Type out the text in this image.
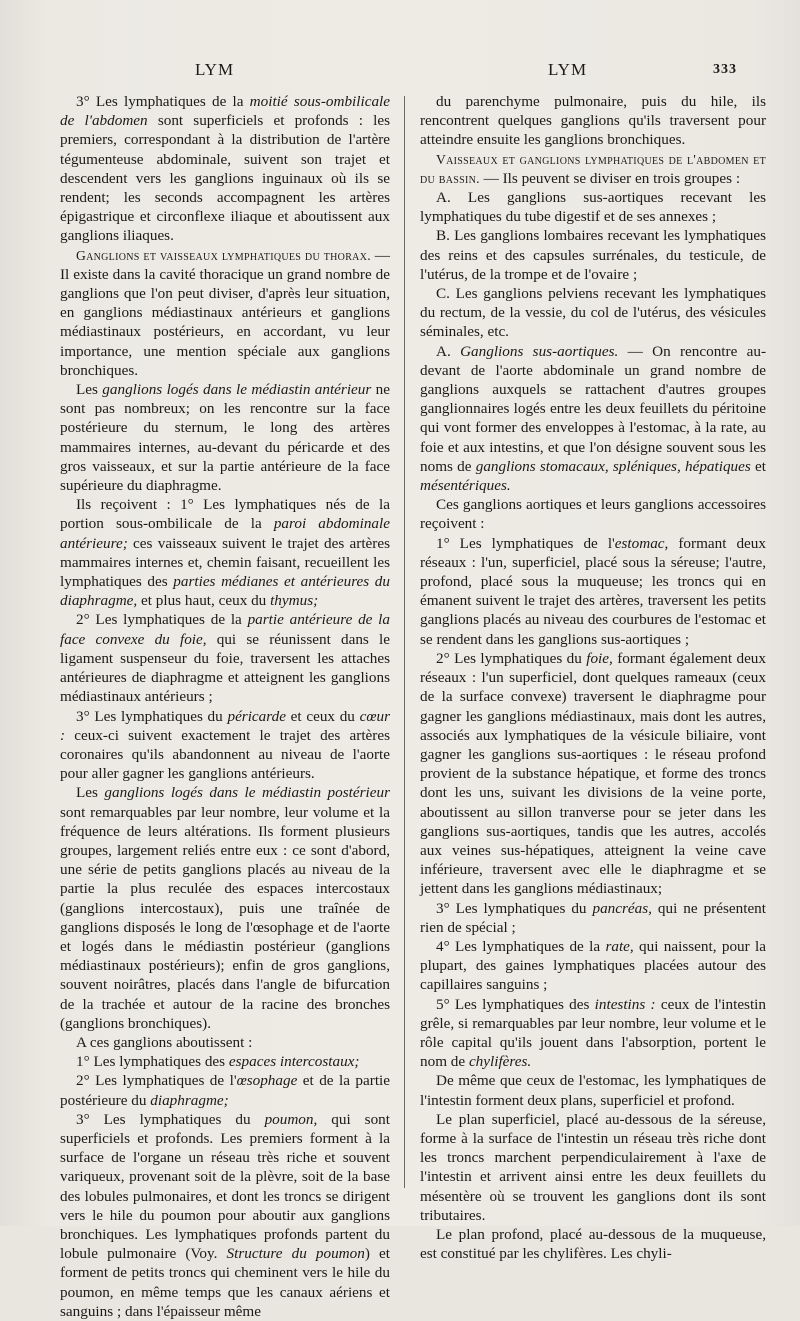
LYM	LYM	333

3° Les lymphatiques de la moitié sous-ombilicale de l'abdomen sont superficiels et profonds : les premiers, correspondant à la distribution de l'artère tégumenteuse abdominale, suivent son trajet et descendent vers les ganglions inguinaux où ils se rendent; les seconds accompagnent les artères épigastrique et circonflexe iliaque et aboutissent aux ganglions iliaques.

Ganglions et vaisseaux lymphatiques du thorax. — Il existe dans la cavité thoracique un grand nombre de ganglions que l'on peut diviser, d'après leur situation, en ganglions médiastinaux antérieurs et ganglions médiastinaux postérieurs, en accordant, vu leur importance, une mention spéciale aux ganglions bronchiques.

Les ganglions logés dans le médiastin antérieur ne sont pas nombreux; on les rencontre sur la face postérieure du sternum, le long des artères mammaires internes, au-devant du péricarde et des gros vaisseaux, et sur la partie antérieure de la face supérieure du diaphragme.

Ils reçoivent : 1° Les lymphatiques nés de la portion sous-ombilicale de la paroi abdominale antérieure; ces vaisseaux suivent le trajet des artères mammaires internes et, chemin faisant, recueillent les lymphatiques des parties médianes et antérieures du diaphragme, et plus haut, ceux du thymus;

2° Les lymphatiques de la partie antérieure de la face convexe du foie, qui se réunissent dans le ligament suspenseur du foie, traversent les attaches antérieures de diaphragme et atteignent les ganglions médiastinaux antérieurs ;

3° Les lymphatiques du péricarde et ceux du cœur : ceux-ci suivent exactement le trajet des artères coronaires qu'ils abandonnent au niveau de l'aorte pour aller gagner les ganglions antérieurs.

Les ganglions logés dans le médiastin postérieur sont remarquables par leur nombre, leur volume et la fréquence de leurs altérations. Ils forment plusieurs groupes, largement reliés entre eux : ce sont d'abord, une série de petits ganglions placés au niveau de la partie la plus reculée des espaces intercostaux (ganglions intercostaux), puis une traînée de ganglions disposés le long de l'œsophage et de l'aorte et logés dans le médiastin postérieur (ganglions médiastinaux postérieurs); enfin de gros ganglions, souvent noirâtres, placés dans l'angle de bifurcation de la trachée et autour de la racine des bronches (ganglions bronchiques).

A ces ganglions aboutissent :

1° Les lymphatiques des espaces intercostaux;

2° Les lymphatiques de l'œsophage et de la partie postérieure du diaphragme;

3° Les lymphatiques du poumon, qui sont superficiels et profonds. Les premiers forment à la surface de l'organe un réseau très riche et souvent variqueux, provenant soit de la plèvre, soit de la base des lobules pulmonaires, et dont les troncs se dirigent vers le hile du poumon pour aboutir aux ganglions bronchiques. Les lymphatiques profonds partent du lobule pulmonaire (Voy. Structure du poumon) et forment de petits troncs qui cheminent vers le hile du poumon, en même temps que les canaux aériens et sanguins ; dans l'épaisseur même

du parenchyme pulmonaire, puis du hile, ils rencontrent quelques ganglions qu'ils traversent pour atteindre ensuite les ganglions bronchiques.

Vaisseaux et ganglions lymphatiques de l'abdomen et du bassin. — Ils peuvent se diviser en trois groupes :

A. Les ganglions sus-aortiques recevant les lymphatiques du tube digestif et de ses annexes ;

B. Les ganglions lombaires recevant les lymphatiques des reins et des capsules surrénales, du testicule, de l'utérus, de la trompe et de l'ovaire ;

C. Les ganglions pelviens recevant les lymphatiques du rectum, de la vessie, du col de l'utérus, des vésicules séminales, etc.

A. Ganglions sus-aortiques. — On rencontre au-devant de l'aorte abdominale un grand nombre de ganglions auxquels se rattachent d'autres groupes ganglionnaires logés entre les deux feuillets du péritoine qui vont former des enveloppes à l'estomac, à la rate, au foie et aux intestins, et que l'on désigne souvent sous les noms de ganglions stomacaux, spléniques, hépatiques et mésentériques.

Ces ganglions aortiques et leurs ganglions accessoires reçoivent :

1° Les lymphatiques de l'estomac, formant deux réseaux : l'un, superficiel, placé sous la séreuse; l'autre, profond, placé sous la muqueuse; les troncs qui en émanent suivent le trajet des artères, traversent les petits ganglions placés au niveau des courbures de l'estomac et se rendent dans les ganglions sus-aortiques ;

2° Les lymphatiques du foie, formant également deux réseaux : l'un superficiel, dont quelques rameaux (ceux de la surface convexe) traversent le diaphragme pour gagner les ganglions médiastinaux, mais dont les autres, associés aux lymphatiques de la vésicule biliaire, vont gagner les ganglions sus-aortiques : le réseau profond provient de la substance hépatique, et forme des troncs dont les uns, suivant les divisions de la veine porte, aboutissent au sillon tranverse pour se jeter dans les ganglions sus-aortiques, tandis que les autres, accolés aux veines sus-hépatiques, atteignent la veine cave inférieure, traversent avec elle le diaphragme et se jettent dans les ganglions médiastinaux;

3° Les lymphatiques du pancréas, qui ne présentent rien de spécial ;

4° Les lymphatiques de la rate, qui naissent, pour la plupart, des gaines lymphatiques placées autour des capillaires sanguins ;

5° Les lymphatiques des intestins : ceux de l'intestin grêle, si remarquables par leur nombre, leur volume et le rôle capital qu'ils jouent dans l'absorption, portent le nom de chylifères.

De même que ceux de l'estomac, les lymphatiques de l'intestin forment deux plans, superficiel et profond.

Le plan superficiel, placé au-dessous de la séreuse, forme à la surface de l'intestin un réseau très riche dont les troncs marchent perpendiculairement à l'axe de l'intestin et arrivent ainsi entre les deux feuillets du mésentère où se trouvent les ganglions dont ils sont tributaires.

Le plan profond, placé au-dessous de la muqueuse, est constitué par les chylifères. Les chyli-
